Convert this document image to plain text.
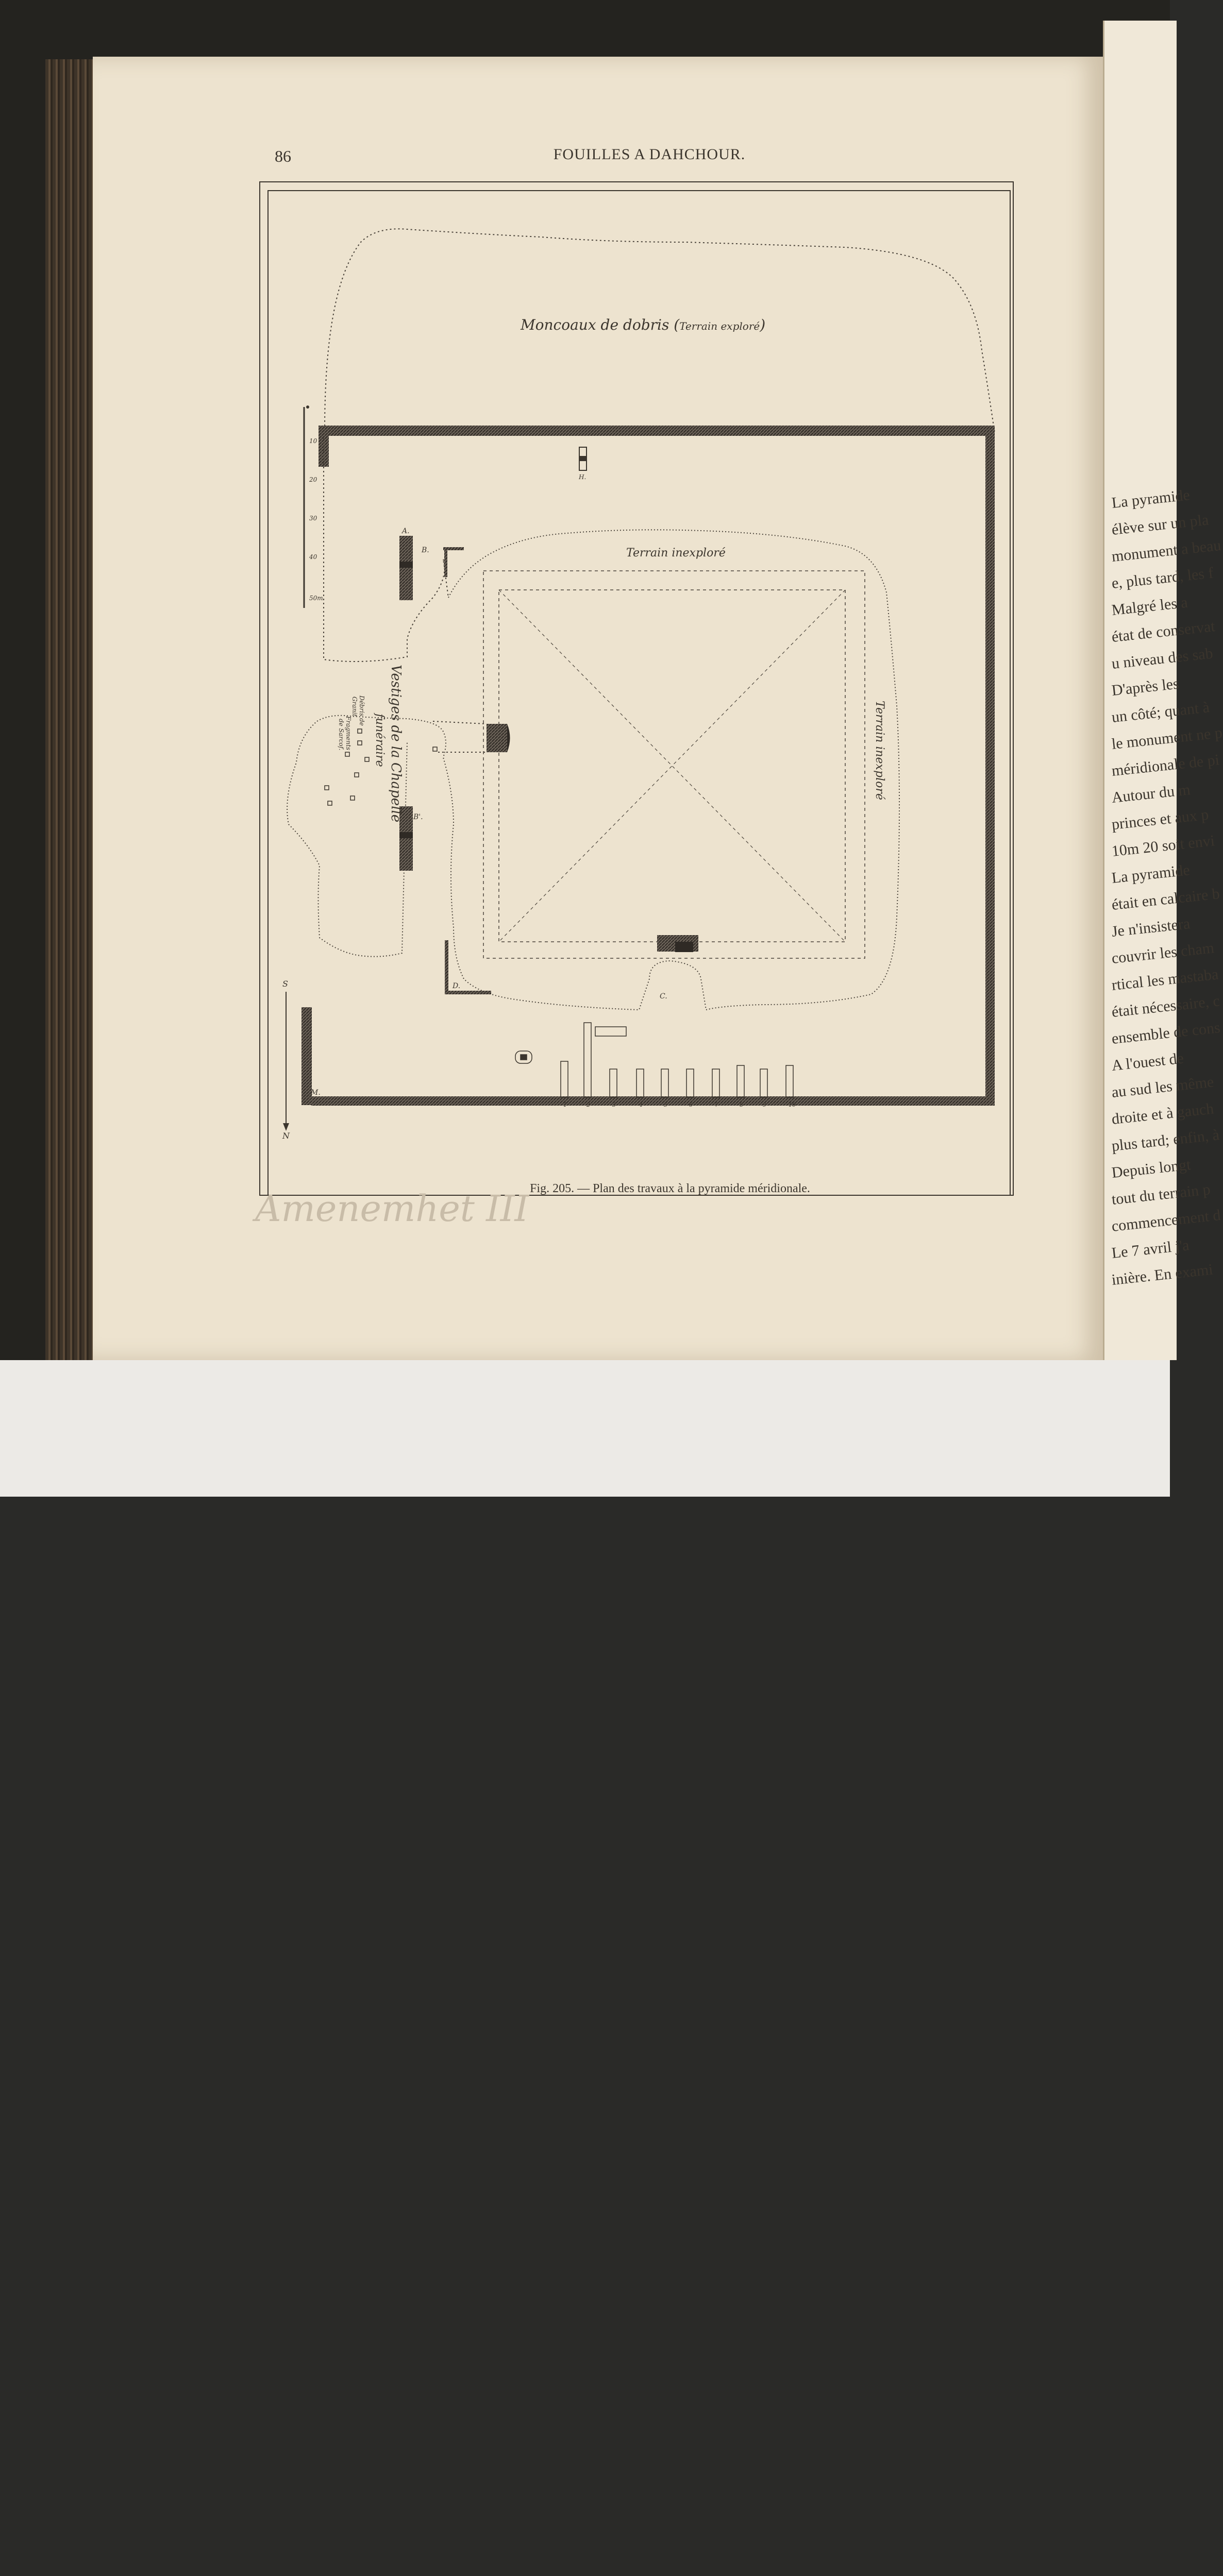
La pyramide
élève sur un pla
monument a beau
e, plus tard, les f
Malgré les a
état de conservat
u niveau des sab
D'après les
un côté; quant à
le monument ne p
méridionale de pi
Autour du m
princes et aux p
10m 20 soit envi
La pyramide
était en calcaire b
Je n'insistera
couvrir les cham
rtical les mastaba
était nécessaire, c
ensemble de cons
A l'ouest de
au sud les même
droite et à gauch
plus tard; enfin, à
Depuis longt
tout du terrain p
commencement d
Le 7 avril j'a
inière. En exami
86	FOUILLES A DAHCHOUR.
10
20
30
40
50m
Moncoaux de dobris (Terrain exploré)
1	2	3	4	5	6	7	8	9	10
S
N
Terrain inexploré
Terrain inexploré
Vestiges de la Chapelle
funéraire
Débris de
Granit
Fragments
de Sarcof.
B.
A.
B'.
D.
H.
M.
C.
Fig. 205. — Plan des travaux à la pyramide méridionale.
Amenemhet III
